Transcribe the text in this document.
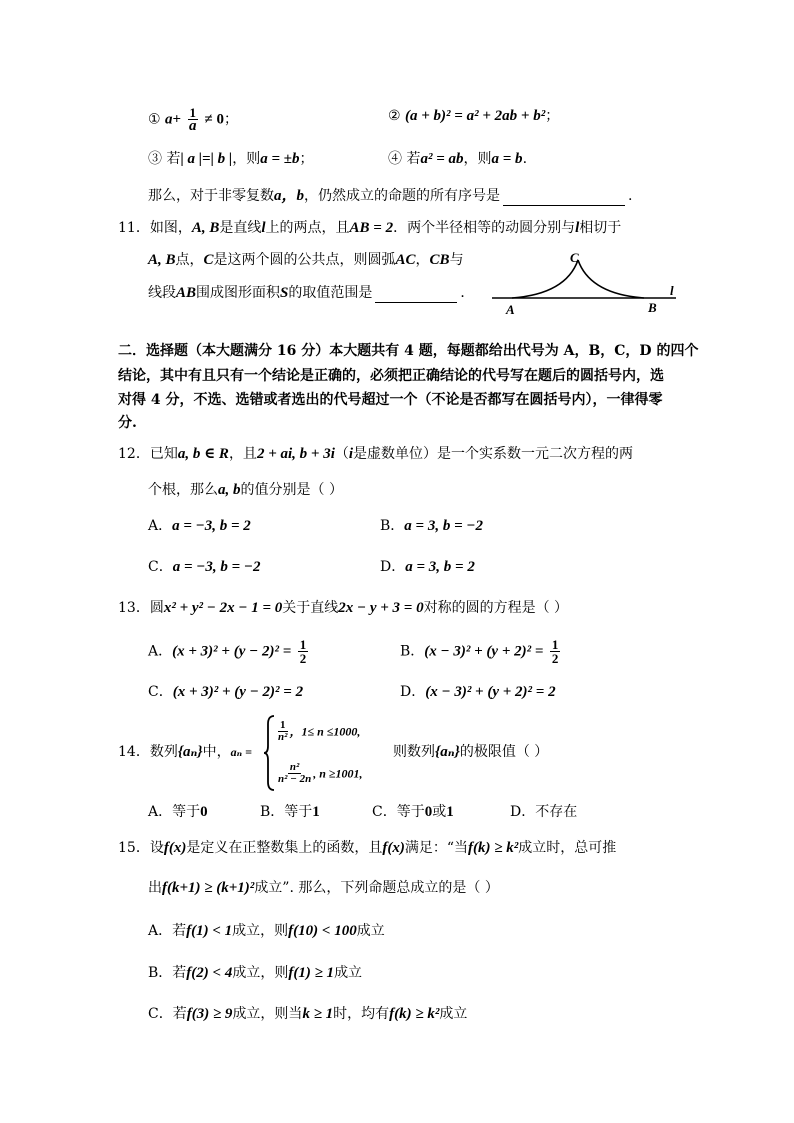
① $a+ \frac{1}{a} \ne 0$；	② (a + b)² = a² + 2ab + b²；
③ 若| a |=| b |，则a = ±b；	④ 若a² = ab，则a = b.
那么，对于非零复数a，b，仍然成立的命题的所有序号是	.
11．如图，A, B是直线l上的两点，且AB = 2．两个半径相等的动圆分别与l相切于
A, B点，C是这两个圆的公共点，则圆弧AC，CB与
线段AB围成图形面积S的取值范围是	．
C
A	B
l
二．选择题（本大题满分 16 分）本大题共有 4 题，每题都给出代号为 A，B，C，D 的四个
结论，其中有且只有一个结论是正确的，必须把正确结论的代号写在题后的圆括号内，选
对得 4 分，不选、选错或者选出的代号超过一个（不论是否都写在圆括号内），一律得零
分.
12．已知a, b ∈ R，且2 + ai, b + 3i（i是虚数单位）是一个实系数一元二次方程的两
个根，那么a, b的值分别是（ ）
A．a = −3, b = 2	B．a = 3, b = −2
C．a = −3, b = −2	D．a = 3, b = 2
13．圆x² + y² − 2x − 1 = 0关于直线2x − y + 3 = 0对称的圆的方程是（ ）
A．$(x + 3)^2 + (y - 2)^2 = \frac{1}{2}$	B．$(x - 3)^2 + (y + 2)^2 = \frac{1}{2}$
C．(x + 3)² + (y − 2)² = 2	D．(x − 3)² + (y + 2)² = 2
14．数列{aₙ}中，aₙ =
$\frac{1}{\text{n²}}$ ，1≤ n ≤1000,
$\frac{\text{n²}}{\text{n² − 2n}}$ , n ≥1001,
则数列{aₙ}的极限值（ ）
A．等于0	B．等于1	C．等于0或1	D．不存在
15．设f(x)是定义在正整数集上的函数，且f(x)满足：“当f(k) ≥ k²成立时，总可推
出f(k+1) ≥ (k+1)²成立”. 那么，下列命题总成立的是（ ）
A．若f(1) < 1成立，则f(10) < 100成立
B．若f(2) < 4成立，则f(1) ≥ 1成立
C．若f(3) ≥ 9成立，则当k ≥ 1时，均有f(k) ≥ k²成立
